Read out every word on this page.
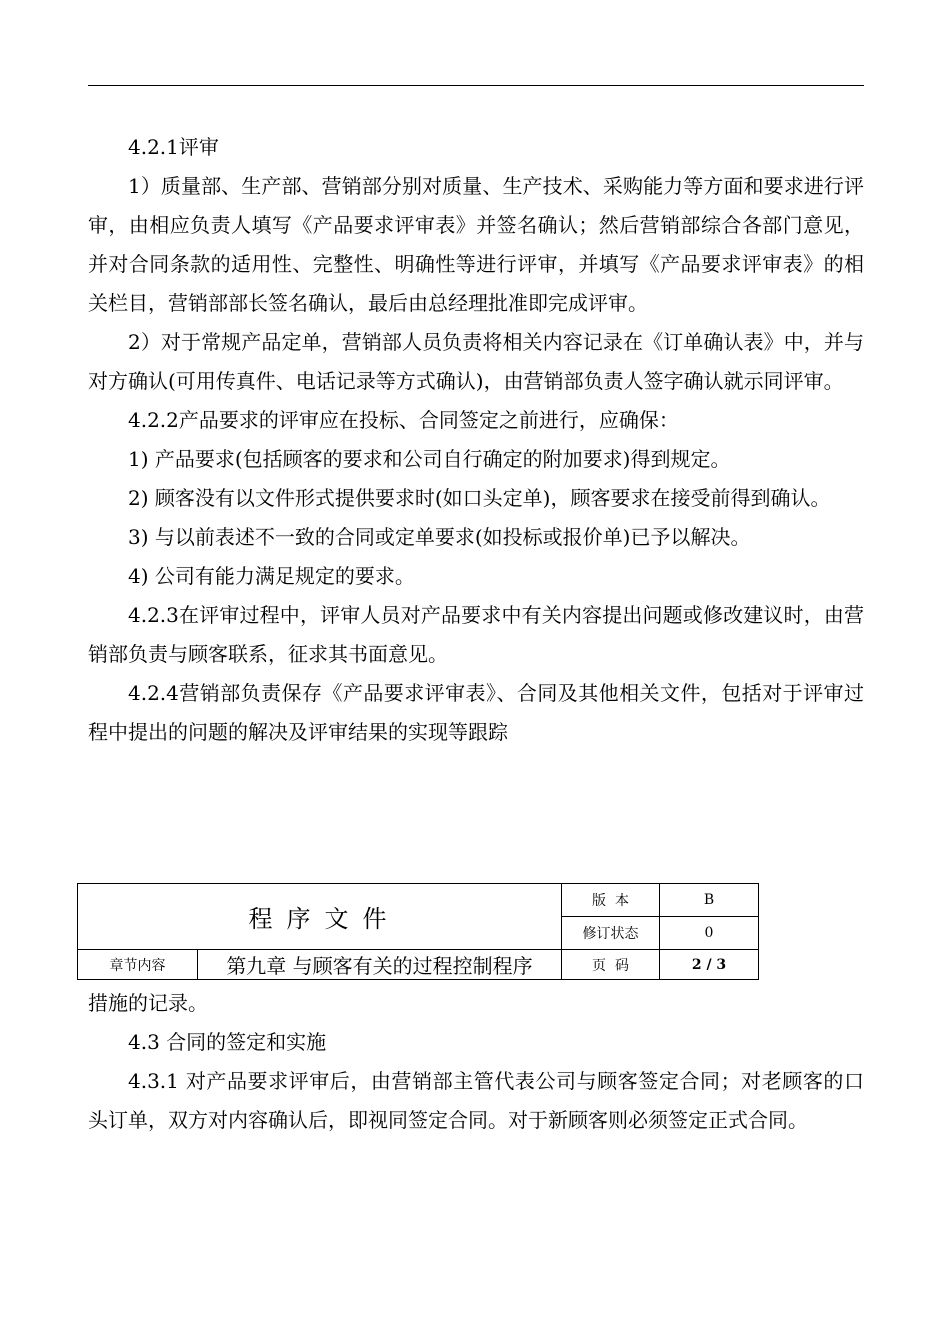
4.2.1评审

1）质量部、生产部、营销部分别对质量、生产技术、采购能力等方面和要求进行评审，由相应负责人填写《产品要求评审表》并签名确认；然后营销部综合各部门意见，并对合同条款的适用性、完整性、明确性等进行评审，并填写《产品要求评审表》的相关栏目，营销部部长签名确认，最后由总经理批准即完成评审。

2）对于常规产品定单，营销部人员负责将相关内容记录在《订单确认表》中，并与对方确认(可用传真件、电话记录等方式确认)，由营销部负责人签字确认就示同评审。

4.2.2产品要求的评审应在投标、合同签定之前进行，应确保：

1) 产品要求(包括顾客的要求和公司自行确定的附加要求)得到规定。

2) 顾客没有以文件形式提供要求时(如口头定单)，顾客要求在接受前得到确认。

3) 与以前表述不一致的合同或定单要求(如投标或报价单)已予以解决。

4) 公司有能力满足规定的要求。

4.2.3在评审过程中，评审人员对产品要求中有关内容提出问题或修改建议时，由营销部负责与顾客联系，征求其书面意见。

4.2.4营销部负责保存《产品要求评审表》、合同及其他相关文件，包括对于评审过程中提出的问题的解决及评审结果的实现等跟踪

程序文件		版  本	B
		修订状态	0
章节内容	第九章 与顾客有关的过程控制程序	页  码	2 / 3

措施的记录。

4.3 合同的签定和实施

4.3.1 对产品要求评审后，由营销部主管代表公司与顾客签定合同；对老顾客的口头订单，双方对内容确认后，即视同签定合同。对于新顾客则必须签定正式合同。
